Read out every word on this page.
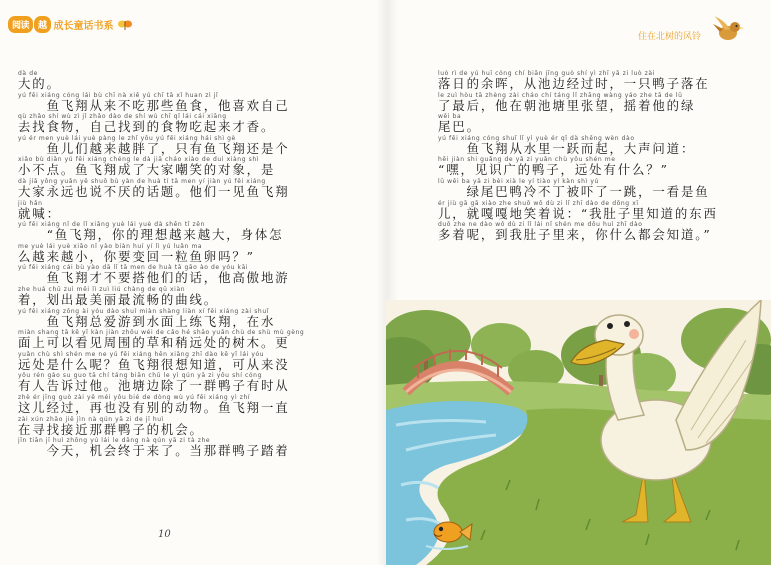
阅读	越 成长童话书系
dà de
大的。
yú fēi xiáng cóng lái bù chī nà xiē yú chī tā xǐ huan zì jǐ
　　鱼飞翔从来不吃那些鱼食，他喜欢自己
qù zhǎo shí wù zì jǐ zhǎo dào de shí wù chī qǐ lái cái xiāng
去找食物，自己找到的食物吃起来才香。
yú ér men yuè lái yuè pàng le zhǐ yǒu yú fēi xiáng hái shì gè
　　鱼儿们越来越胖了，只有鱼飞翔还是个
xiǎo bù diǎn yú fēi xiáng chéng le dà jiā cháo xiào de duì xiàng shì
小不点。鱼飞翔成了大家嘲笑的对象，是
dà jiā yǒng yuǎn yě shuō bù yàn de huà tí tā men yí jiàn yú fēi xiáng
大家永远也说不厌的话题。他们一见鱼飞翔
jiù hǎn
就喊：
yú fēi xiáng nǐ de lǐ xiǎng yuè lái yuè dà shēn tǐ zěn
　　“鱼飞翔，你的理想越来越大，身体怎
me yuè lái yuè xiǎo nǐ yào biàn huí yí lì yú luǎn ma
么越来越小，你要变回一粒鱼卵吗？”
yú fēi xiáng cái bù yào dā lǐ tā men de huà tā gāo ào de yóu kāi
　　鱼飞翔才不要搭他们的话，他高傲地游
zhe huá chū zuì měi lì zuì liú chàng de qū xiàn
着，划出最美丽最流畅的曲线。
yú fēi xiáng zǒng ài yóu dào shuǐ miàn shàng liàn xí fēi xiáng zài shuǐ
　　鱼飞翔总爱游到水面上练飞翔，在水
miàn shang tā kě yǐ kàn jiàn zhōu wéi de cǎo hé shāo yuǎn chù de shù mù gèng
面上可以看见周围的草和稍远处的树木。更
yuǎn chù shì shén me ne yú fēi xiáng hěn xiǎng zhī dào kě yǐ lái yóu
远处是什么呢？鱼飞翔很想知道，可从来没
yǒu rén gào su guo tā chí táng biān chū le yì qún yā zi yǒu shí cóng
有人告诉过他。池塘边除了一群鸭子有时从
zhè ér jīng guò zài yě méi yǒu bié de dòng wù yú fēi xiáng yì zhí
这儿经过，再也没有别的动物。鱼飞翔一直
zài xún zhǎo jiē jìn nà qún yā zi de jī huì
在寻找接近那群鸭子的机会。
jīn tiān jī huì zhōng yú lái le dāng nà qún yā zi tà zhe
　　今天，机会终于来了。当那群鸭子踏着
10
住在北树的风铃
luò rì de yú huī cóng chí biān jīng guò shí yì zhī yā zi luò zài
落日的余晖，从池边经过时，一只鸭子落在
le zuì hòu tā zhèng zài cháo chí táng lǐ zhāng wàng yáo zhe tā de lǜ
了最后，他在朝池塘里张望，摇着他的绿
wěi ba
尾巴。
yú fēi xiáng cóng shuǐ lǐ yì yuè ér qǐ dà shēng wèn dào
　　鱼飞翔从水里一跃而起，大声问道：
hēi jiàn shi guǎng de yā zi yuǎn chù yǒu shén me
“嘿，见识广的鸭子，远处有什么？”
lǜ wěi ba yā zi bèi xià le yí tiào yí kàn shì yú
　　绿尾巴鸭冷不丁被吓了一跳，一看是鱼
ér jiù gā gā xiào zhe shuō wǒ dù zi lǐ zhī dào de dōng xī
儿，就嘎嘎地笑着说：“我肚子里知道的东西
duō zhe ne dào wǒ dù zi lǐ lái nǐ shén me dōu huì zhī dào
多着呢，到我肚子里来，你什么都会知道。”
